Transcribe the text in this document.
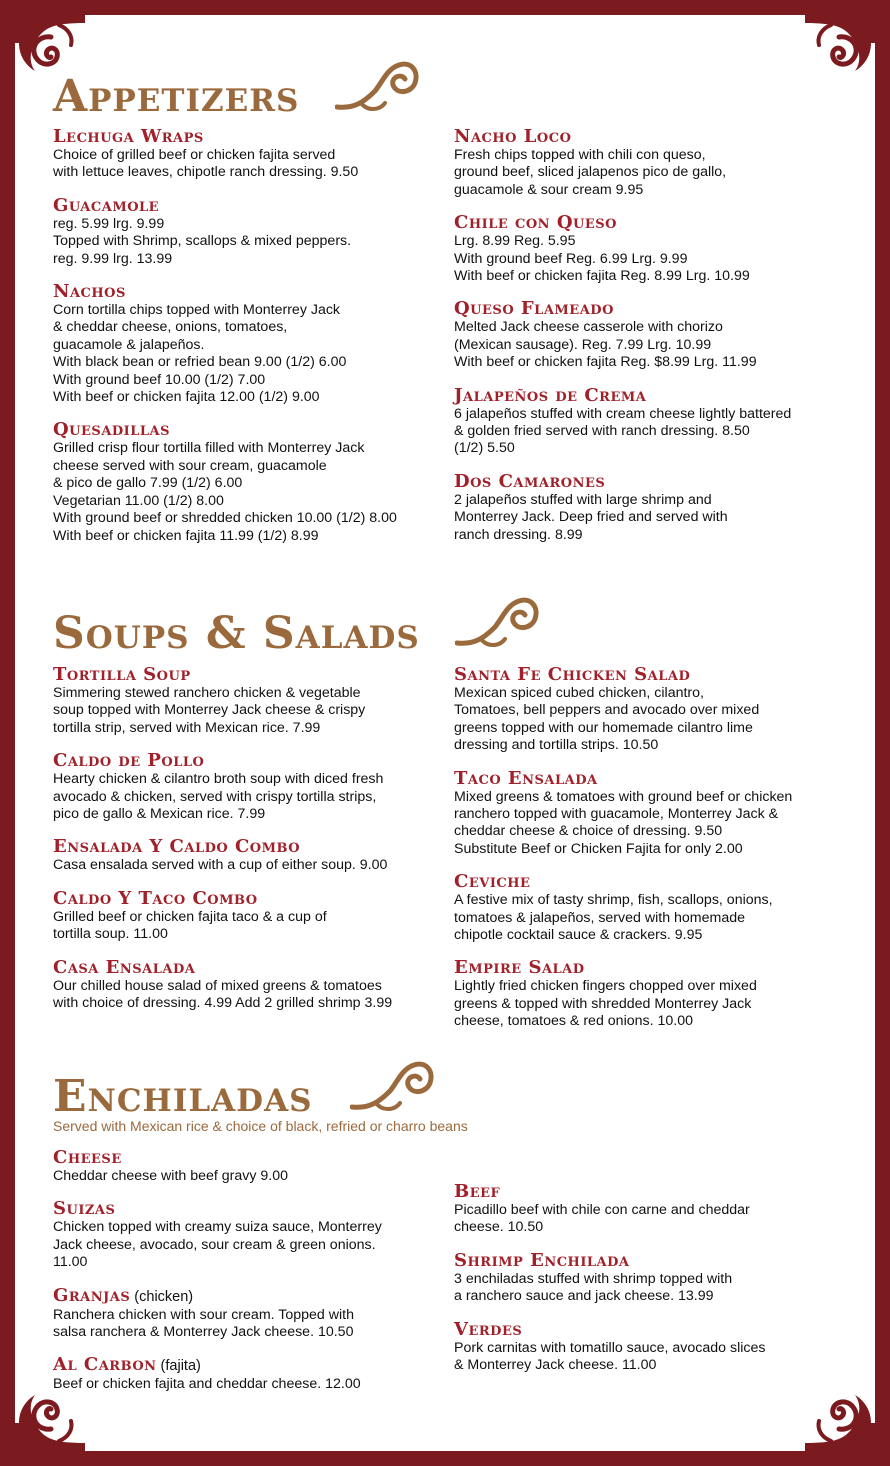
Appetizers
Lechuga Wraps
Choice of grilled beef or chicken fajita served
with lettuce leaves, chipotle ranch dressing. 9.50
Guacamole
reg. 5.99 lrg. 9.99
Topped with Shrimp, scallops & mixed peppers.
reg. 9.99 lrg. 13.99
Nachos
Corn tortilla chips topped with Monterrey Jack
& cheddar cheese, onions, tomatoes,
guacamole & jalapeños.
With black bean or refried bean 9.00 (1/2) 6.00
With ground beef 10.00 (1/2) 7.00
With beef or chicken fajita 12.00 (1/2) 9.00
Quesadillas
Grilled crisp flour tortilla filled with Monterrey Jack
cheese served with sour cream, guacamole
& pico de gallo 7.99 (1/2) 6.00
Vegetarian 11.00 (1/2) 8.00
With ground beef or shredded chicken 10.00 (1/2) 8.00
With beef or chicken fajita 11.99 (1/2) 8.99
Nacho Loco
Fresh chips topped with chili con queso,
ground beef, sliced jalapenos pico de gallo,
guacamole & sour cream 9.95
Chile con Queso
Lrg. 8.99 Reg. 5.95
With ground beef Reg. 6.99 Lrg. 9.99
With beef or chicken fajita Reg. 8.99 Lrg. 10.99
Queso Flameado
Melted Jack cheese casserole with chorizo
(Mexican sausage). Reg. 7.99 Lrg. 10.99
With beef or chicken fajita Reg. $8.99 Lrg. 11.99
Jalapeños de Crema
6 jalapeños stuffed with cream cheese lightly battered
& golden fried served with ranch dressing. 8.50
(1/2) 5.50
Dos Camarones
2 jalapeños stuffed with large shrimp and
Monterrey Jack. Deep fried and served with
ranch dressing. 8.99
Soups & Salads
Tortilla Soup
Simmering stewed ranchero chicken & vegetable
soup topped with Monterrey Jack cheese & crispy
tortilla strip, served with Mexican rice. 7.99
Caldo de Pollo
Hearty chicken & cilantro broth soup with diced fresh
avocado & chicken, served with crispy tortilla strips,
pico de gallo & Mexican rice. 7.99
Ensalada Y Caldo Combo
Casa ensalada served with a cup of either soup. 9.00
Caldo Y Taco Combo
Grilled beef or chicken fajita taco & a cup of
tortilla soup. 11.00
Casa Ensalada
Our chilled house salad of mixed greens & tomatoes
with choice of dressing. 4.99 Add 2 grilled shrimp 3.99
Santa Fe Chicken Salad
Mexican spiced cubed chicken, cilantro,
Tomatoes, bell peppers and avocado over mixed
greens topped with our homemade cilantro lime
dressing and tortilla strips. 10.50
Taco Ensalada
Mixed greens & tomatoes with ground beef or chicken
ranchero topped with guacamole, Monterrey Jack &
cheddar cheese & choice of dressing. 9.50
Substitute Beef or Chicken Fajita for only 2.00
Ceviche
A festive mix of tasty shrimp, fish, scallops, onions,
tomatoes & jalapeños, served with homemade
chipotle cocktail sauce & crackers. 9.95
Empire Salad
Lightly fried chicken fingers chopped over mixed
greens & topped with shredded Monterrey Jack
cheese, tomatoes & red onions. 10.00
Enchiladas
Served with Mexican rice & choice of black, refried or charro beans
Cheese
Cheddar cheese with beef gravy 9.00
Suizas
Chicken topped with creamy suiza sauce, Monterrey
Jack cheese, avocado, sour cream & green onions.
11.00
Granjas (chicken)
Ranchera chicken with sour cream. Topped with
salsa ranchera & Monterrey Jack cheese. 10.50
Al Carbon (fajita)
Beef or chicken fajita and cheddar cheese. 12.00
Beef
Picadillo beef with chile con carne and cheddar
cheese. 10.50
Shrimp Enchilada
3 enchiladas stuffed with shrimp topped with
a ranchero sauce and jack cheese. 13.99
Verdes
Pork carnitas with tomatillo sauce, avocado slices
& Monterrey Jack cheese. 11.00
